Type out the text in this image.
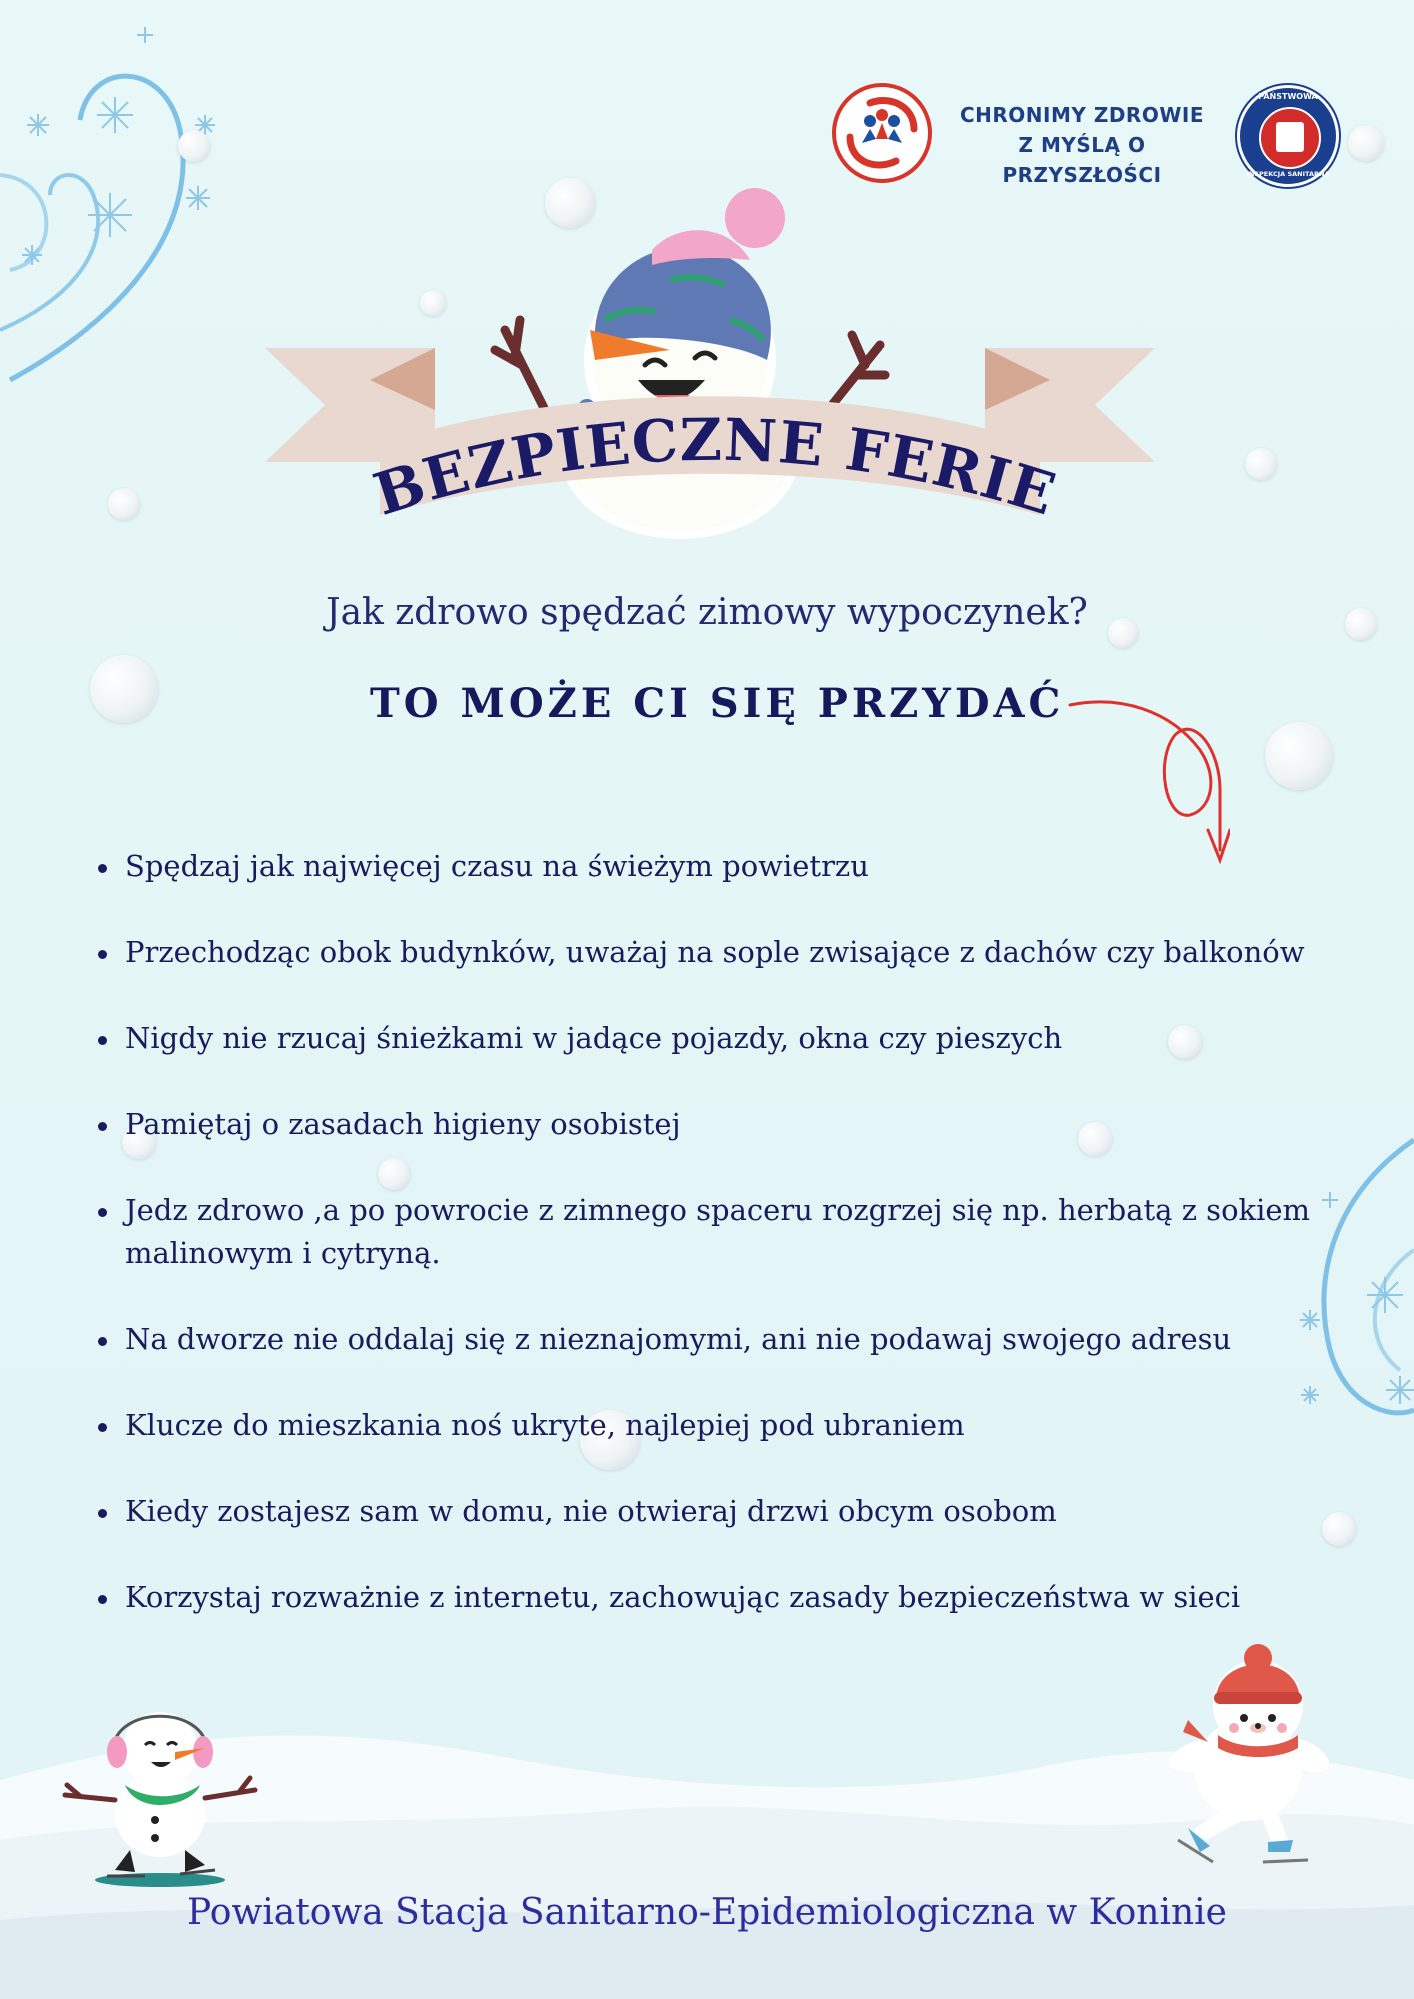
CHRONIMY ZDROWIE
Z MYŚLĄ O PRZYSZŁOŚCI
PAŃSTWOWA
INSPEKCJA SANITARNA
BEZPIECZNE FERIE
Jak zdrowo spędzać zimowy wypoczynek?
TO MOŻE CI SIĘ PRZYDAĆ
Spędzaj jak najwięcej czasu na świeżym powietrzu
Przechodząc obok budynków, uważaj na sople zwisające z dachów czy balkonów
Nigdy nie rzucaj śnieżkami w jadące pojazdy, okna czy pieszych
Pamiętaj o zasadach higieny osobistej
Jedz zdrowo ,a po powrocie z zimnego spaceru rozgrzej się np. herbatą z sokiem malinowym i cytryną.
Na dworze nie oddalaj się z nieznajomymi, ani nie podawaj swojego adresu
Klucze do mieszkania noś ukryte, najlepiej pod ubraniem
Kiedy zostajesz sam w domu, nie otwieraj drzwi obcym osobom
Korzystaj rozważnie z internetu, zachowując zasady bezpieczeństwa w sieci
Powiatowa Stacja Sanitarno-Epidemiologiczna w Koninie
